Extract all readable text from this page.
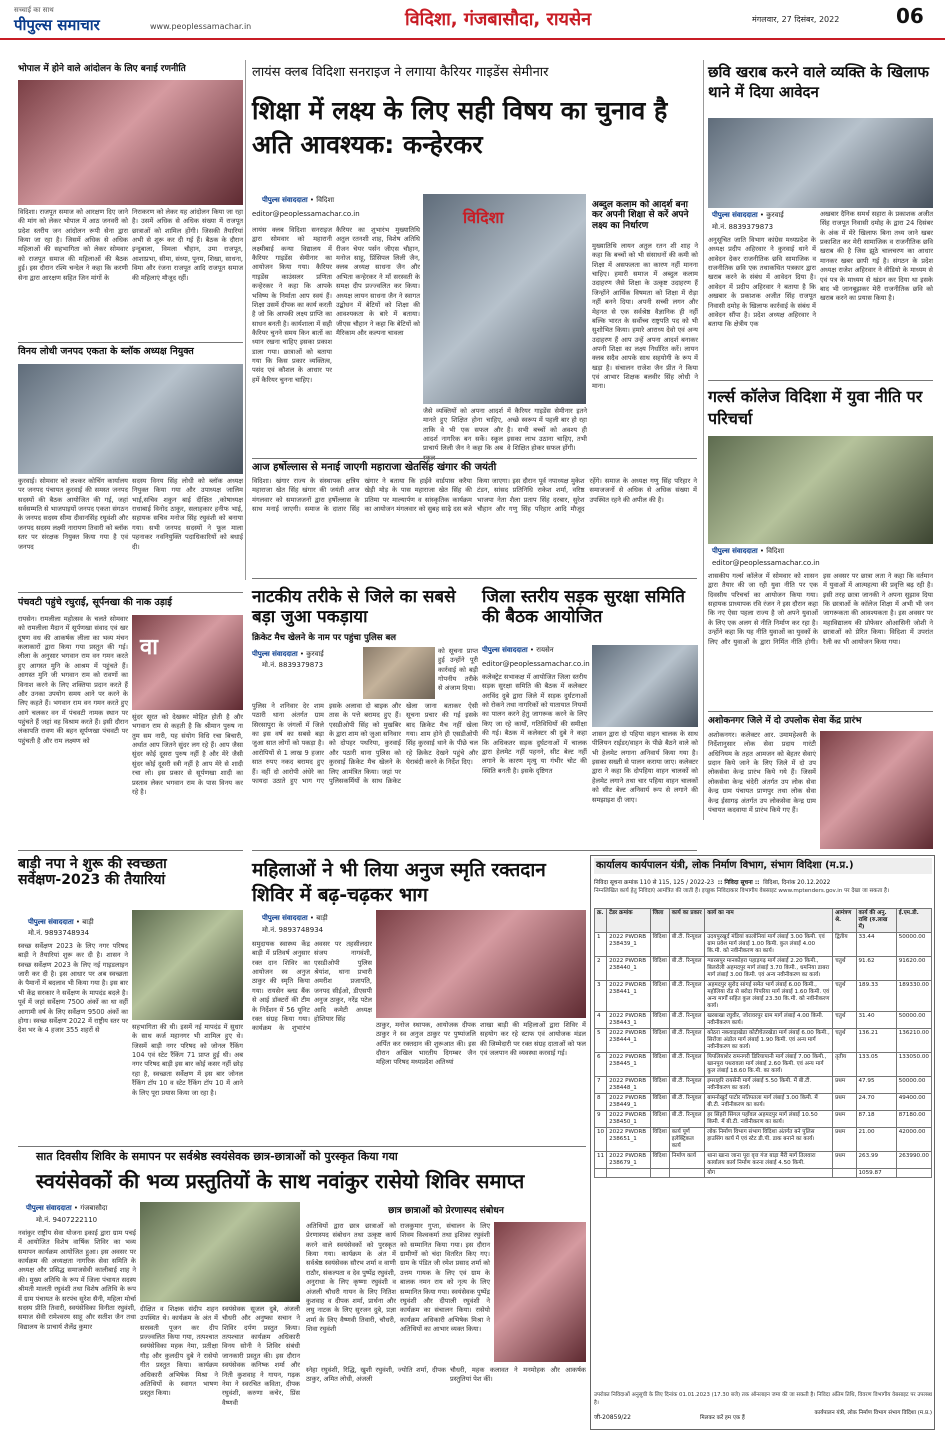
सच्चाई का साथ
पीपुल्स समाचार	www.peoplessamachar.in	विदिशा, गंजबासौदा, रायसेन	मंगलवार, 27 दिसंबर, 2022	06
भोपाल में होने वाले आंदोलन के लिए बनाई रणनीति
विदिशा। राजपूत समाज को आरक्षण दिए जाने की मांग को लेकर भोपाल में आठ जनवरी को प्रदेश स्तरीय जन आंदोलन रूपी सेना द्वारा किया जा रहा है। जिसमें अधिक से अधिक महिलाओं की सहभागिता को लेकर सोमवार को राजपूत समाज की महिलाओं की बैठक हुई। इस दौरान रश्मि चन्देल ने कहा कि करणी सेना द्वारा आरक्षण सहित जिन मांगों के
निराकरण को लेकर यह आंदोलन किया जा रहा है। उसमें अधिक से अधिक संख्या में राजपूत छात्राओं को शामिल होंगी। जिसकी तैयारियां अभी से शुरू कर दी गई हैं। बैठक के दौरान इन्दुबाला, विमला चौहान, उमा राजपूत, आशाप्रभा, सीमा, संध्या, पूनम, शिखा, साधना, विमा और रंजना राजपूत आदि राजपूत समाज की महिलाएं मौजूद रहीं।
विनय लोधी जनपद एकता के ब्लॉक अध्यक्ष नियुक्त
कुरवाई। सोमवार को लश्कर कोचिंग कार्यालय पर जनपद पंचायत कुरवाई की समस्त जनपद सदस्यों की बैठक आयोजित की गई, जहां सर्वसम्मति से भाजपाइयों जनपद एकता संगठन के जनपद सदस्य सीमा दीवानसिंह रघुवंशी और जनपद सदस्य लक्ष्मी नारायण तिवारी को ब्लॉक स्तर पर संरक्षक नियुक्त किया गया है एवं जनपद
सदस्य विनय सिंह लोधी को ब्लॉक अध्यक्ष नियुक्त किया गया और उपाध्यक्ष जालिम भाई,सचिव शकुन बाई दीक्षित ,कोषाध्यक्ष राधाबाई विनोद ठाकुर, सलाहकार हनीफ भाई, सहायक सचिव मनोज सिंह रघुवंशी को बनाया गया। सभी जनपद सदस्यों ने फूल माला पहनाकर नवनियुक्ति पदाधिकारियों को बधाई दी।
पंचवटी पहुंचे रघुराई, सूर्पनखा की नाक उड़ाई
रायसेन। रामलीला महोत्सव के चलते सोमवार को रामलीला मैदान में सूर्पणखा संवाद एवं खर दूषण वध की आकर्षक लीला का भव्य मंचन कलाकारों द्वारा किया गया प्रस्तुत की गई। लीला के अनुसार भगवान राम वन गमन करते हुए आगस्त मुनि के आश्रम में पहुंचते हैं। आगस्त मुनि जी भगवान राम को रावणों का विनाश करने के लिए शक्तिया प्रदान करते हैं और उनका उपयोग समय आने पर करने के लिए कहते हैं। भगवान राम वन गमन करते हुए आगे चलकर वन में पंचवटी नामक स्थान पर पहुंचते हैं जहां वह विश्राम करते हैं। इसी दौरान लंकापति रावण की बहन सूर्पणखा पंचवटी पर पहुंचती है और राम लक्ष्मण को
वा
सुंदर सूरत को देखकर मोहित होती है और भगवान राम से कहती है कि श्रीमान पुरुष ना तुम सम नारी, यह संयोग विधि रचा बिचारी, अर्थात आप जितने सुंदर लग रहे हैं। आप जैसा सुंदर कोई दूसरा पुरुष नहीं है और मेरे जैसी सुंदर कोई दूसरी स्त्री नहीं है आप मेरे से शादी रचा लो। इस प्रकार से सूर्पणखा शादी का प्रस्ताव लेकर भगवान राम के पास विनय कर रहे है।
बाड़ी नपा ने शुरू की स्वच्छता सर्वेक्षण-2023 की तैयारियां
पीपुल्स संवाददाता • बाड़ी
मो.नं. 9893748934
स्वच्छ सर्वेक्षण 2023 के लिए नगर परिषद बाड़ी ने तैयारियां शुरू कर दी है। शासन ने स्वच्छ सर्वेक्षण 2023 के लिए नई गाइडलाइन जारी कर दी है। इस आधार पर अब स्वच्छता के पैमानों में बदलाव भी किया गया है। इस बार भी केंद्र सरकार ने सर्वेक्षण के मापदंड बदले है। पूर्व में जहां सर्वेक्षण 7500 अंकों का था वहीं आगामी वर्ष के लिए सर्वेक्षण 9500 अंकों का होगा। स्वच्छ सर्वेक्षण 2022 में राष्ट्रीय स्तर पर देश भर के 4 हजार 355 शहरों से	सहभागिता की थी। इसमें नई मापदंड में सुधार के साथ कर्ज महानगर भी शामिल हुए थे। जिसमें बाड़ी नगर परिषद को जोनल रैंकिंग 104 एवं स्टेट रैंकिंग 71 प्राप्त हुई थी। अब नगर परिषद बाड़ी इस बार कोई कसर नहीं छोड़ रहा है, स्वच्छता सर्वेक्षण में इस बार जोनल रैंकिंग टॉप 10 व स्टेट रैंकिंग टॉप 10 में आने के लिए पूरा प्रयास किया जा रहा है।
लायंस क्लब विदिशा सनराइज ने लगाया कैरियर गाइडेंस सेमीनार
शिक्षा में लक्ष्य के लिए सही विषय का चुनाव है अति आवश्यक: कन्हेरकर
पीपुल्स संवाददाता • विदिशा
editor@peoplessamachar.co.in	विदिशा
लायंस क्लब विदिशा सनराइज द्वारा सोमवार को महारानी लक्ष्मीबाई कन्या विद्यालय में कैरियर गाइडेंस सेमीनार का आयोजन किया गया। कैरियर गाइडेंस काउंसलर प्रणिता कन्हेरकर ने कहा कि आपके भविष्य के निर्माता आप स्वयं हैं। शिक्षा उसमें दीपक का कार्य करती है जो कि आपकी लक्ष्य प्राप्ति का साधन बनती है। कार्यशाला में सही कैरियर चुनने समय किन बातों का ध्यान रखना चाहिए इसका प्रकाश डाला गया। छात्राओं को बताया गया कि किस प्रकार व्यक्तित्व, पसंद एवं कौशल के आधार पर हमें कैरियर चुनना चाहिए।
कैरियर का शुभारंभ मुख्यातिथि अतुल रतनशी शाह, विशेष अतिथि रीजन चेयर पर्सन जीएस चौहान, मनोज साहू, प्रिंसिपल लिली जैन, क्लब अध्यक्ष साधना जैन और अभिता कन्हेरकर ने माँ सरस्वती के समक्ष दीप प्रज्ज्वलित कर किया। अध्यक्ष लायन साधना जैन ने स्वागत उद्बोधन में बेटियों को शिक्षा की आवश्यकता के बारे में बताया। जीएस चौहान ने कहा कि बेटियों को मैरिकाम और कल्पना चावला
जैसे व्यक्तियों को अपना आदर्श मानते हुए शिक्षित होना चाहिए, ताकि वे भी एक सफल और आदर्श नागरिक बन सकें। स्कूल प्राचार्य लिली जैन ने कहा कि अब
में कैरियर गाइडेंस सेमीनार इतने अच्छे स्वरूप में पहली बार हो रहा है। सभी बच्चों को अवश्य ही इसका लाभ उठाना चाहिए, तभी वे शिक्षित होकर सफल होंगी।
अब्दुल कलाम को आदर्श बना कर अपनी शिक्षा से करें अपने लक्ष्य का निर्धारण
मुख्यातिथि लायन अतुल रतन शी शाह ने कहा कि बच्चों को भी संसाधनों की कमी को शिक्षा में असफलता का कारण नहीं मानना चाहिए। हमारी समाज में अब्दुल कलाम उदाहरण जैसे शिक्षा के उत्कृष्ट उदाहरण हैं जिन्होंने आर्थिक विषमता को शिक्षा में रोड़ा नहीं बनने दिया। अपनी सच्ची लगन और मेहनत से एक सर्वश्रेष्ठ वैज्ञानिक ही नहीं बल्कि भारत के सर्वोच्च राष्ट्रपति पद को भी सुशोभित किया। हमारे आराध्य देवो एवं अन्य उदाहरण हैं आप उन्हें अपना आदर्श बनाकर अपनी शिक्षा का लक्ष्य निर्धारित करें। लायन क्लब सदैव आपके साथ सहयोगी के रूप में खड़ा है। संचालन राजेश जैन प्रीत ने किया एवं आभार शिक्षक बलवीर सिंह लोधी ने माना।
आज हर्षोल्लास से मनाई जाएगी महाराजा खेतसिंह खंगार की जयंती
विदिशा। खंगार राज्य के संस्थापक क्षत्रिय महाराजा खेत सिंह खंगार की जयंती आज मंगलवार को समाजजनों द्वारा हर्षोल्लास के साथ मनाई जाएगी। समाज के दातार सिंह खंगार ने बताया कि हाईवे वार्डपास करैया खेड़ी मोड़ के पास महाराजा खेत सिंह की प्रतिमा पर माल्यार्पण व सांस्कृतिक कार्यक्रम का आयोजन मंगलवार को सुबह साढ़े दस बजे किया जाएगा। इस दौरान पूर्व नपाध्यक्ष मुकेश टंडन, सांसद प्रतिनिधि राकेश शर्मा, वरिष्ठ भाजपा नेता शैला प्रताप सिंह दरबार, सुरेश चौहान और गणु सिंह परिहार आदि मौजूद रहेंगे। समाज के अध्यक्ष गणु सिंह परिहार ने समाजजनों से अधिक से अधिक संख्या में उपस्थित रहने की अपील की है।
नाटकीय तरीके से जिले का सबसे बड़ा जुआ पकड़ाया
क्रिकेट मैच खेलने के नाम पर पहुंचा पुलिस बल
पीपुल्स संवाददाता • कुरवाई
मो.नं. 8839379873
को सूचना प्राप्त हुई उन्होंने पूरी कार्रवाई को बड़ी गोपनीय तरीके से अंजाम दिया।
पुलिस ने शनिवार देर शाम पठारी थाना अंतर्गत ग्राम सिरसापुरा के जंगलों में जिले का इस वर्ष का सबसे बड़ा जुआ सात लोगों को पकड़ा है। आरोपियों से 1 लाख 9 हजार सात रुपए नकद बरामद हुए हैं। वहीं दो आरोपी अंधेरे का फायदा उठाते हुए भाग गए इसके अलावा दो बाइक और तास के पत्ते बरामद हुए हैं। एसडीओपी सिंह को मुखबिर के द्वारा शाम को जुआ सनिवार को दोपहर पथरिया, कुरवाई और पठारी थाना पुलिस को कुरवाई क्रिकेट मैच खेलने के लिए आमंत्रित किया। जहां पर पुलिसकर्मियों के साथ क्रिकेट खेला जाना बताकर ऐसी सूचना प्रचार की गई इसके बाद क्रिकेट मैच नहीं खेला गया। शाम होने ही एसडीओपी सिंह कुरवाई थाने के पीछे चल रहे क्रिकेट देखने पहुंचे और घेराबंदी करने के निर्देश दिए।
जिला स्तरीय सड़क सुरक्षा समिति की बैठक आयोजित
पीपुल्स संवाददाता • रायसेन
editor@peoplessamachar.co.in
कलेक्ट्रेट सभाकक्ष में आयोजित जिला स्तरीय सड़क सुरक्षा समिति की बैठक में कलेक्टर अरविंद दुबे द्वारा जिले में सड़क दुर्घटनाओं को रोकने तथा नागरिकों को यातायात नियमों का पालन करने हेतु जागरूक करने के लिए किए जा रहे कार्यों, गतिविधियों की समीक्षा की गई। बैठक में कलेक्टर श्री दुबे ने कहा कि अधिकतर सड़क दुर्घटनाओं में चालक द्वारा हेलमेट नहीं पहनने, सीट बेल्ट नहीं लगाने के कारण मृत्यु या गंभीर चोट की स्थिति बनती है। इसके दृष्टिगत
शासन द्वारा दो पहिया वाहन चालक के साथ पीलियन राईडर/वाहन के पीछे बैठने वाले को भी हेलमेट लगाना अनिवार्य किया गया है। इसका सख्ती से पालन कराया जाए। कलेक्टर द्वारा ने कहा कि दोपहिया वाहन चालकों को हेलमेट लगाने तथा चार पहिया वाहन चालकों को सीट बेल्ट अनिवार्य रूप से लगाने की समझाइश दी जाए।
महिलाओं ने भी लिया अनुज स्मृति रक्तदान शिविर में बढ़-चढ़कर भाग
पीपुल्स संवाददाता • बाड़ी
मो.नं. 9893748934
समुदायक स्वास्थ्य केंद्र बाड़ी में प्रतिवर्ष अनुसार रक्त दान शिविर का आयोजन स्व अनुज ठाकुर की स्मृति किया गया। रायसेन ब्लड बैंक से आई डॉक्टरों की टीम के निर्देशन में 56 यूनिट रक्त संग्रह किया गया। कार्यक्रम के शुभारंभ अवसर पर तहसीलदार संजय नागवंशी, एसडीओपी पुलिस श्रेयांश, थाना प्रभारी अमरीश प्रजापति, जनपद सीईओ, डीएसपी अनुज ठाकुर, नरेंद्र पटेल आदि कमेटी अध्यक्ष होशियार सिंह
ठाकुर, मनोज स्थापक, आयोजक दीपक ठाकुर ने स्व अनुज ठाकुर पर पुष्पांजलि अर्पित कर रक्तदान की शुरूआत की। इस दौरान अखिल भारतीय दिगम्बर जैन महिला परिषद मध्यप्रदेश अतिथ्यां
शाखा बाड़ी की महिलाओं द्वारा शिविर में सहयोग कर रहे स्टाफ एवं आयोजक मंडल की जिम्मेदारी पर रक्त संग्रह दाताओं को फल एवं जलपान की व्यवस्था करवाई गई।
छवि खराब करने वाले व्यक्ति के खिलाफ थाने में दिया आवेदन
पीपुल्स संवाददाता • कुरवाई
मो.नं. 8839379873
अनुसूचित जाति विभाग कांग्रेस मध्यप्रदेश के अध्यक्ष प्रदीप अहिरवार ने कुरवाई थाने में आवेदन देकर राजनीतिक छवि सामाजिक व राजनीतिक छवि एक तथाकथित पत्रकार द्वारा खराब करने के संबंध में आवेदन दिया है। आवेदन में प्रदीप अहिरवार ने बताया है कि अखबार के प्रकाशक अजीत सिंह राजपूत निवासी दमोह के खिलाफ कार्रवाई के संबंध में आवेदन सौंपा है। प्रदेश अध्यक्ष अहिरवार ने बताया कि क्षेत्रीय एक
अखबार दैनिक समर्थ सहारा के प्रकाशक अजीत सिंह राजपूत निवासी दमोह के द्वारा 24 दिसंबर के अंक में मेरे खिलाफ बिना तथ्य जाने खबर प्रकाशित कर मेरी सामाजिक व राजनीतिक छवि खराब की है जिस झूठे चालचरण का आधार मानकर खबर छापी गई है। संगठन के प्रदेश अध्यक्ष राजेश अहिरवार ने वीडियो के माध्यम से एवं पत्र के माध्यम से खंडन कर दिया था इसके बाद भी जानबूझकर मेरी राजनीतिक छवि को खराब करने का प्रयास किया है।
गर्ल्स कॉलेज विदिशा में युवा नीति पर परिचर्चा
पीपुल्स संवाददाता • विदिशा
editor@peoplessamachar.co.in
शासकीय गर्ल्स कॉलेज में सोमवार को शासन द्वारा तैयार की जा रही युवा नीति पर एक दिवसीय परिचर्चा का आयोजन किया गया। सहायक प्राध्यापक रवि रंजन ने इस दौरान कहा कि नए ऐसा पहला राज्य है जो अपने युवाओं के लिए एक अलग से नीति निर्माण कर रहा है। उन्होंने कहा कि यह नीति युवाओं का युवकों के लिए और युवाओं के द्वारा निर्मित नीति होगी। इस अवसर पर छात्रा लता ने कहा कि वर्तमान में युवाओं में आत्महत्या की प्रवृत्ति बढ़ रही है। इसी तरह छात्रा जानकी ने अपना सुझाव दिया कि छात्राओं के कॉलेज शिक्षा में अभी भी जन जागरूकता की आवश्यकता है। इस अवसर पर महाविद्यालय की प्रोफेसर ओआसिनी जोशी ने छात्राओं को प्रेरित किया। विदिशा में उपरांत रैली का भी आयोजन किया गया।
अशोकनगर जिले में दो उपलोक सेवा केंद्र प्रारंभ
अशोकनगर। कलेक्टर आर. उमामहेश्वरी के निर्देशानुसार लोक सेवा प्रदाय गारंटी अधिनियम के तहत आमजन को बेहतर सेवाएं प्रदान किये जाने के लिए जिले में दो उप लोकसेवा केन्द्र प्रारंभ किये गये हैं। जिसमें लोकसेवा केन्द्र चंदेरी अंतर्गत उप लोक सेवा केन्द्र ग्राम पंचायत प्राणपुर तथा लोक सेवा केन्द्र ईसागढ़ अंतर्गत उप लोकसेवा केन्द्र ग्राम पंचायत कदवाया में प्रारंभ किये गए हैं।
कार्यालय कार्यपालन यंत्री, लोक निर्माण विभाग, संभाग विदिशा (म.प्र.)
निविदा सूचना क्रमांक 110 से 115, 125 / 2022-23 :: निविदा सूचना :: विदिशा, दिनांक 20.12.2022
निम्नलिखित कार्य हेतु निविदाएं आमंत्रित की जाती हैं। इच्छुक निविदाकार विभागीय वेबसाइट www.mptenders.gov.in पर देखा जा सकता है।
क्र.	टेंडर क्रमांक	जिला	कार्य का प्रकार	कार्य का नाम	आमंत्रण श्रे.	कार्य की अनु. राशि (रु.लाख में)	ई.एम.डी.
1	2022 PWDRB 238439_1	विदिशा	बी.टी. रिन्यूवल	उदयपुरखुर्द मंडियां कालोनियां मार्ग लंबाई 3.00 किमी. एवं ग्राम प्रवेश मार्ग लंबाई 1.00 किमी. कुल लंबाई 4.00 कि.मी. को नवीनीकरण का कार्य।	द्वितीय	33.44	50000.00
2	2022 PWDRB 238440_1	विदिशा	बी.टी. रिन्यूवल	ग्यारसपुर मानकोहरा पहाड़गढ़ मार्ग लंबाई 2.20 किमी., बिलरोली अहमदपुर मार्ग लंबाई 3.70 किमी., धमनिया डाबरा मार्ग लंबाई 3.00 किमी. एवं अन्य नवीनीकरण का कार्य।	चतुर्थ	91.62	91620.00
3	2022 PWDRB 238441_1	विदिशा	बी.टी. रिन्यूवल	अहमदपुर सुरोद सांगई समेत भार्ग लंबाई 6.00 किमी., महोलिया रोड से बरोदा पिपरिया मार्ग लंबाई 1.60 किमी. एवं अन्य मार्गों सहित कुल लंबाई 23.30 कि.मी. को नवीनीकरण कार्य।	चतुर्थ	189.33	189330.00
4	2022 PWDRB 238443_1	विदिशा	बी.टी. रिन्यूवल	खरबाखा रघुवीर, जोरावरपुर ग्राम मार्ग लंबाई 4.00 किमी. नवीनीकरण कार्य।	चतुर्थ	31.40	50000.00
5	2022 PWDRB 238444_1	विदिशा	बी.टी. रिन्यूवल	कोठरा नकवाड़ाखेडा कोटीचेतरखेडा मार्ग लंबाई 6.00 किमी., सिरोंजा अंडोल मार्ग लंबाई 1.90 किमी. एवं अन्य मार्ग नवीनीकरण का कार्य।	चतुर्थ	136.21	136210.00
6	2022 PWDRB 238445_1	विदिशा	बी.टी. रिन्यूवल	पिपलियाशेर रामनगरी डिरियापानी मार्ग लंबाई 7.00 किमी., खानपुरा पथरावला मार्ग लंबाई 2.60 किमी. एवं अन्य मार्ग कुल लंबाई 18.60 कि.मी. का कार्य।	तृतीय	133.05	133050.00
7	2022 PWDRB 238448_1	विदिशा	बी.टी. रिन्यूवल	इमराहरि रायसेनी मार्ग लंबाई 5.50 किमी. में बी.टी. नवीनीकरण का कार्य।	प्रथम	47.95	50000.00
8	2022 PWDRB 238449_1	विदिशा	बी.टी. रिन्यूवल	बामनोखुर्द पाटोर मतिपतला मार्ग लंबाई 3.00 किमी. में बी.टी. नवीनीकरण का कार्य।	प्रथम	24.70	49400.00
9	2022 PWDRB 238450_1	विदिशा	बी.टी. रिन्यूवल	हर सिंहरी सिंगल पहाँवल अहमदपुर मार्ग लंबाई 10.50 किमी. में बी.टी. नवीनीकरण का कार्य।	प्रथम	87.18	87180.00
10	2022 PWDRB 238651_1	विदिशा	कार्य पूर्ण इलेक्ट्रिकल कार्य	लोक निर्माण विभाग संभाग विदिशा अंतर्गत बने पुलिस हाउसिंग कार्य में एवं स्टेट डी.पी. डाक बनाने का कार्य।	प्रथम	21.00	42000.00
11	2022 PWDRB 238679_1	विदिशा	निर्माण कार्य	थाना खाना जाना पूरा वृत्त गंज बाड़ा मैरी मार्ग तिलवारा कार्यालय कार्य निर्माण करना लंबाई 4.50 किमी.	प्रथम	263.99	263990.00
				योग		1059.87	
उपरोक्त निविदाओं अनुसूची के लिए दिनांक 01.01.2023 (17.30 बजे) तक ऑनलाइन जमा की जा सकती है। निविदा अंतिम तिथि, विवरण विभागीय वेबसाइट पर उपलब्ध है।
जी-20859/22	मिलकर करें हम एक हैं
कार्यपालन यंत्री, लोक निर्माण विभाग संभाग विदिशा (म.प्र.)
सात दिवसीय शिविर के समापन पर सर्वश्रेष्ठ स्वयंसेवक छात्र-छात्राओं को पुरस्कृत किया गया
स्वयंसेवकों की भव्य प्रस्तुतियों के साथ नवांकुर रासेयो शिविर समाप्त
पीपुल्स संवाददाता • गंजबासौदा
मो.नं. 9407222110
नवांकुर राष्ट्रीय सेवा योजना इकाई द्वारा ग्राम पचई में आयोजित विशेष वार्षिक शिविर का भव्य समापन कार्यक्रम आयोजित हुआ। इस अवसर पर कार्यक्रम की अध्यक्षता नागरिक सेवा समिति के अध्यक्ष और प्रसिद्ध समाजसेवी कालीबाई शाह ने की। मुख्य अतिथि के रूप में जिला पंचायत सदस्य श्रीमती मालती रघुवंशी तथा विशेष अतिथि के रूप में ग्राम पंचायत के सरपंच सुरेश सैनी, महिला मोर्चा सदस्य प्रीति तिवारी, स्वयंसेविका विनीता रघुवंशी, समाज सेवी रामेश्वरम साहू और सतीश जैन तथा विद्यालय के प्राचार्य शैलेंद्र कुमार
दीक्षित व शिक्षक संदीप शहन उपस्थित थे। कार्यक्रम के अंत में सरस्वती पूजन कर दीप प्रज्ज्वलित किया गया, तत्पश्चात स्वयंसेविका महक नेमा, प्रतीक्षा गौड़ और कुलदीप दुबे ने रासेयो गीत प्रस्तुत किया। कार्यक्रम अधिकारी अभिषेक मिश्रा ने अतिथियों के स्वागत भाषण प्रस्तुत किया।
स्वयंसेवक सूजल दुबे, अंजली चौधरी और अनुष्का सचान ने शिविर दर्पण प्रस्तुत किया। तत्पश्चात कार्यक्रम अधिकारी विनय सोनी ने शिविर संबंधी जानकारी प्रस्तुत की। इस दौरान स्वयंसेवक कनिष्क शर्मा और निती कुशवाह ने गायन, गढ़क नेमा ने स्वरचित कविता, दीपक रघुवंशी, करुणा कचेर, प्रिंस वैष्णवी
छात्र छात्राओं को प्रेरणास्पद संबोधन
अतिथियों द्वारा छात्र छात्राओं को प्रेरणास्पद संबोधन तथा उत्कृष्ट कार्य करने वाले स्वयंसेवकों को पुरस्कृत किया गया। कार्यक्रम के अंत में सर्वश्रेष्ठ स्वयंसेवक सौरभ शर्मा व वाणी राठौर, संकल्पता व देव पुष्पेंद्र रघुवंशी, अनुराधा के लिए कृष्णा रघुवंशी व अंजली चौधरी गायन के लिए नितिश कुशवाह व दीपक शर्मा, प्रार्थना और लघु नाटक के लिए सुरजन दुबे, प्रज्ञा शर्मा के लिए वैष्णवी तिवारी, चौधरी, शिवा रघुवंशी
राजकुमार गुप्ता, संचालन के लिए शिवम विश्वकर्मा तथा इशिका रघुवंशी को सम्मानित किया गया। इस दौरान ग्रामीणों को चंदा वितरित किए गए। ग्राम के पंडित जी रमेश प्रसाद शर्मा को उत्तम गायक के लिए एवं ग्राम के बालक नमन राय को नृत्य के लिए सम्मानित किया गया। स्वयंसेवक पुष्पेंद्र रघुवंशी और दीपाली रघुवंशी ने कार्यक्रम का संचालन किया। रासेयो कार्यक्रम अधिकारी अभिषेक मिश्रा ने अतिथियों का आभार व्यक्त किया।
स्नेहा रघुवंशी, रिद्धि, खुशी रघुवंशी, ज्योति शर्मा, दीपक ठाकुर, अमित लोधी, अंजली
चौधरी, महक कलावत ने मनमोहक और आकर्षक प्रस्तुतियां पेश कीं।
